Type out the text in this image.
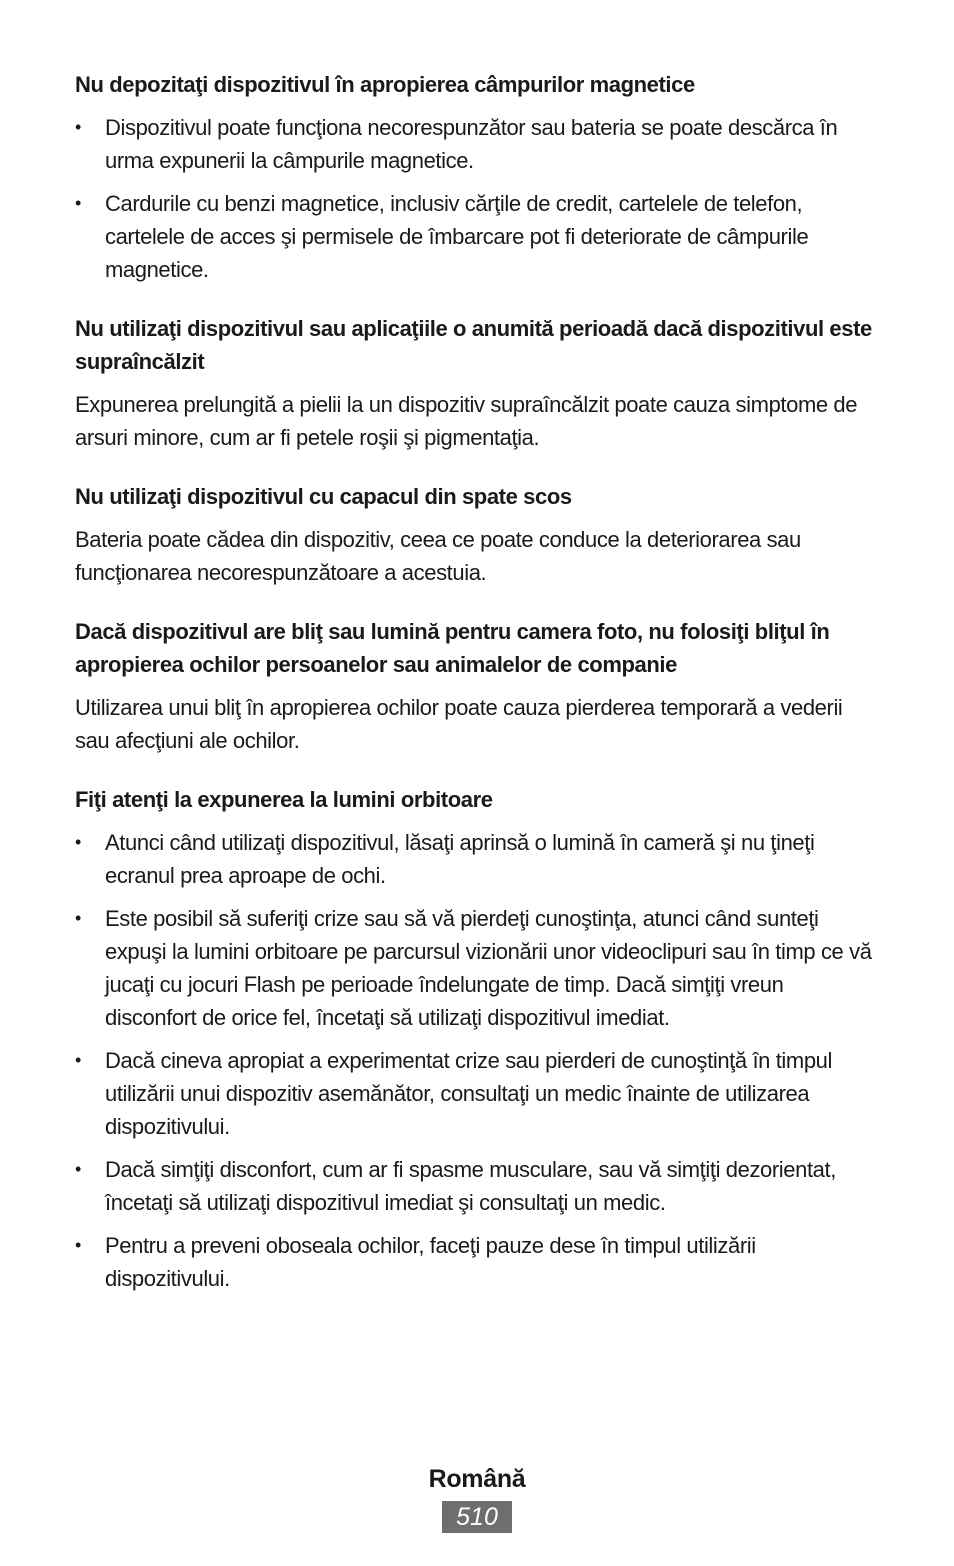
Nu depozitaţi dispozitivul în apropierea câmpurilor magnetice

• Dispozitivul poate funcţiona necorespunzător sau bateria se poate descărca în urma expunerii la câmpurile magnetice.
• Cardurile cu benzi magnetice, inclusiv cărţile de credit, cartelele de telefon, cartelele de acces şi permisele de îmbarcare pot fi deteriorate de câmpurile magnetice.

Nu utilizaţi dispozitivul sau aplicaţiile o anumită perioadă dacă dispozitivul este supraîncălzit

Expunerea prelungită a pielii la un dispozitiv supraîncălzit poate cauza simptome de arsuri minore, cum ar fi petele roşii şi pigmentaţia.

Nu utilizaţi dispozitivul cu capacul din spate scos

Bateria poate cădea din dispozitiv, ceea ce poate conduce la deteriorarea sau funcţionarea necorespunzătoare a acestuia.

Dacă dispozitivul are bliţ sau lumină pentru camera foto, nu folosiţi bliţul în apropierea ochilor persoanelor sau animalelor de companie

Utilizarea unui bliţ în apropierea ochilor poate cauza pierderea temporară a vederii sau afecţiuni ale ochilor.

Fiţi atenţi la expunerea la lumini orbitoare

• Atunci când utilizaţi dispozitivul, lăsaţi aprinsă o lumină în cameră şi nu ţineţi ecranul prea aproape de ochi.
• Este posibil să suferiţi crize sau să vă pierdeţi cunoştinţa, atunci când sunteţi expuşi la lumini orbitoare pe parcursul vizionării unor videoclipuri sau în timp ce vă jucaţi cu jocuri Flash pe perioade îndelungate de timp. Dacă simţiţi vreun disconfort de orice fel, încetaţi să utilizaţi dispozitivul imediat.
• Dacă cineva apropiat a experimentat crize sau pierderi de cunoştinţă în timpul utilizării unui dispozitiv asemănător, consultaţi un medic înainte de utilizarea dispozitivului.
• Dacă simţiţi disconfort, cum ar fi spasme musculare, sau vă simţiţi dezorientat, încetaţi să utilizaţi dispozitivul imediat şi consultaţi un medic.
• Pentru a preveni oboseala ochilor, faceţi pauze dese în timpul utilizării dispozitivului.
Română
510
